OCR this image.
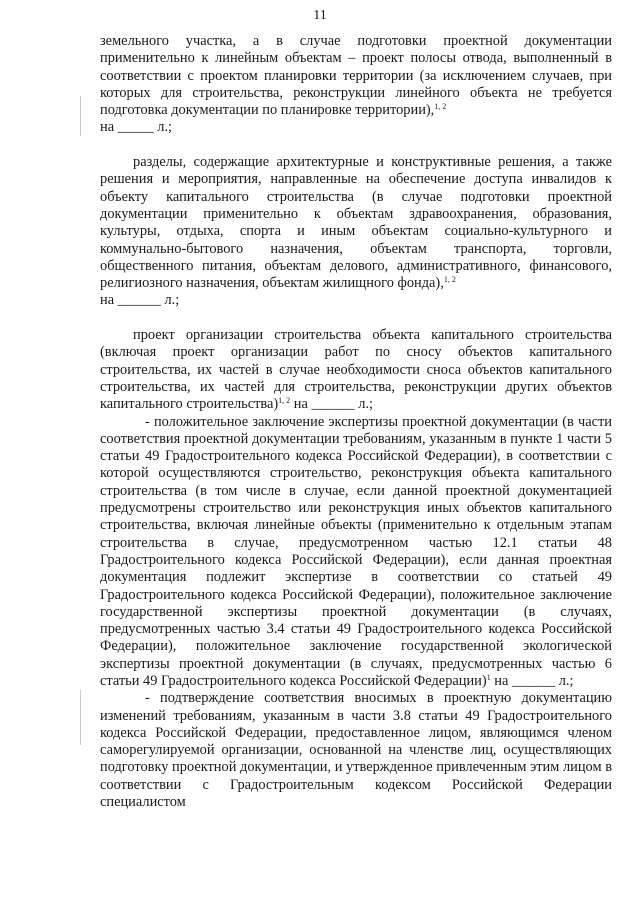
11

земельного участка, а в случае подготовки проектной документации применительно к линейным объектам – проект полосы отвода, выполненный в соответствии с проектом планировки территории (за исключением случаев, при которых для строительства, реконструкции линейного объекта не требуется подготовка документации по планировке территории),$^{1, 2}$
на _____ л.;

разделы, содержащие архитектурные и конструктивные решения, а также решения и мероприятия, направленные на обеспечение доступа инвалидов к объекту капитального строительства (в случае подготовки проектной документации применительно к объектам здравоохранения, образования, культуры, отдыха, спорта и иным объектам социально-культурного и коммунально-бытового назначения, объектам транспорта, торговли, общественного питания, объектам делового, административного, финансового, религиозного назначения, объектам жилищного фонда),$^{1, 2}$
на ______ л.;

проект организации строительства объекта капитального строительства (включая проект организации работ по сносу объектов капитального строительства, их частей в случае необходимости сноса объектов капитального строительства, их частей для строительства, реконструкции других объектов капитального строительства)$^{1, 2}$ на ______ л.;

- положительное заключение экспертизы проектной документации (в части соответствия проектной документации требованиям, указанным в пункте 1 части 5 статьи 49 Градостроительного кодекса Российской Федерации), в соответствии с которой осуществляются строительство, реконструкция объекта капитального строительства (в том числе в случае, если данной проектной документацией предусмотрены строительство или реконструкция иных объектов капитального строительства, включая линейные объекты (применительно к отдельным этапам строительства в случае, предусмотренном частью 12.1 статьи 48 Градостроительного кодекса Российской Федерации), если данная проектная документация подлежит экспертизе в соответствии со статьей 49 Градостроительного кодекса Российской Федерации), положительное заключение государственной экспертизы проектной документации (в случаях, предусмотренных частью 3.4 статьи 49 Градостроительного кодекса Российской Федерации), положительное заключение государственной экологической экспертизы проектной документации (в случаях, предусмотренных частью 6 статьи 49 Градостроительного кодекса Российской Федерации)$^1$ на ______ л.;

- подтверждение соответствия вносимых в проектную документацию изменений требованиям, указанным в части 3.8 статьи 49 Градостроительного кодекса Российской Федерации, предоставленное лицом, являющимся членом саморегулируемой организации, основанной на членстве лиц, осуществляющих подготовку проектной документации, и утвержденное привлеченным этим лицом в соответствии с Градостроительным кодексом Российской Федерации специалистом
